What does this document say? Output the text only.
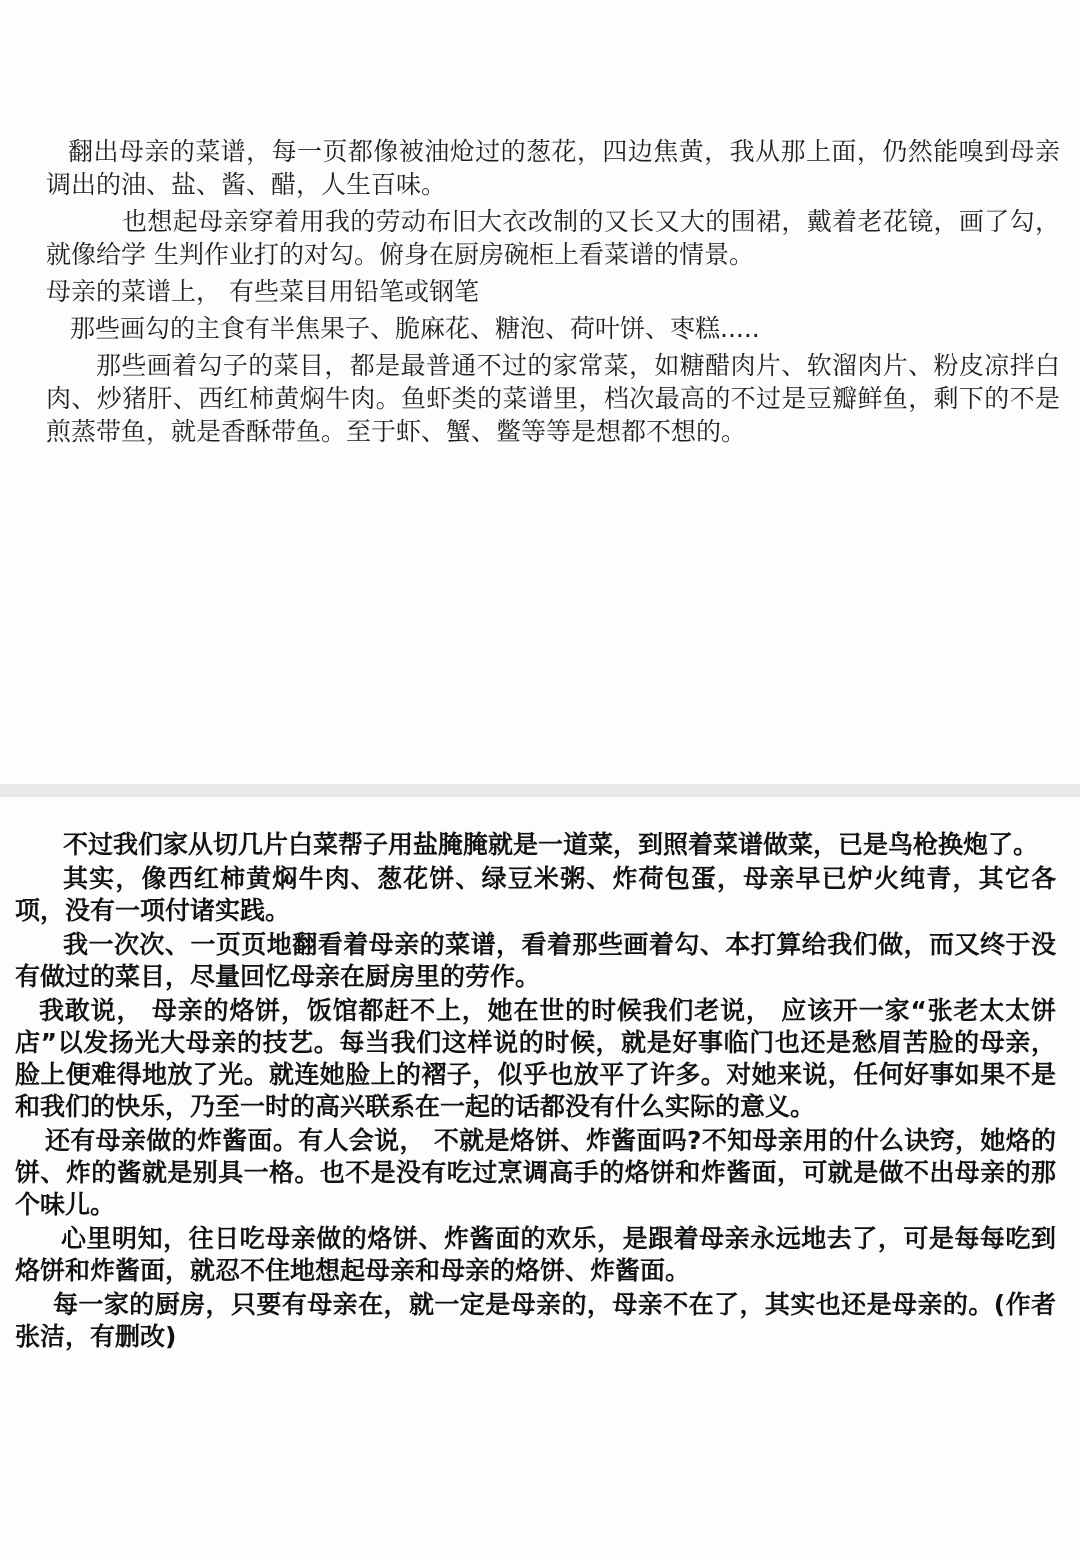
翻出母亲的菜谱，每一页都像被油炝过的葱花，四边焦黄，我从那上面，仍然能嗅到母亲调出的油、盐、酱、醋，人生百味。

也想起母亲穿着用我的劳动布旧大衣改制的又长又大的围裙，戴着老花镜，画了勾，就像给学 生判作业打的对勾。俯身在厨房碗柜上看菜谱的情景。

母亲的菜谱上， 有些菜目用铅笔或钢笔

那些画勾的主食有半焦果子、脆麻花、糖泡、荷叶饼、枣糕.....

那些画着勾子的菜目，都是最普通不过的家常菜，如糖醋肉片、软溜肉片、粉皮凉拌白肉、炒猪肝、西红柿黄焖牛肉。鱼虾类的菜谱里，档次最高的不过是豆瓣鲜鱼，剩下的不是煎蒸带鱼，就是香酥带鱼。至于虾、蟹、鳖等等是想都不想的。

不过我们家从切几片白菜帮子用盐腌腌就是一道菜，到照着菜谱做菜，已是鸟枪换炮了。

其实，像西红柿黄焖牛肉、葱花饼、绿豆米粥、炸荷包蛋，母亲早已炉火纯青，其它各项，没有一项付诸实践。

我一次次、一页页地翻看着母亲的菜谱，看着那些画着勾、本打算给我们做，而又终于没有做过的菜目，尽量回忆母亲在厨房里的劳作。

我敢说， 母亲的烙饼，饭馆都赶不上，她在世的时候我们老说， 应该开一家“张老太太饼店”以发扬光大母亲的技艺。每当我们这样说的时候，就是好事临门也还是愁眉苦脸的母亲，脸上便难得地放了光。就连她脸上的褶子，似乎也放平了许多。对她来说，任何好事如果不是和我们的快乐，乃至一时的高兴联系在一起的话都没有什么实际的意义。

还有母亲做的炸酱面。有人会说， 不就是烙饼、炸酱面吗?不知母亲用的什么诀窍，她烙的饼、炸的酱就是别具一格。也不是没有吃过烹调高手的烙饼和炸酱面，可就是做不出母亲的那个味儿。

心里明知，往日吃母亲做的烙饼、炸酱面的欢乐，是跟着母亲永远地去了，可是每每吃到烙饼和炸酱面，就忍不住地想起母亲和母亲的烙饼、炸酱面。

每一家的厨房，只要有母亲在，就一定是母亲的，母亲不在了，其实也还是母亲的。(作者张洁，有删改)
